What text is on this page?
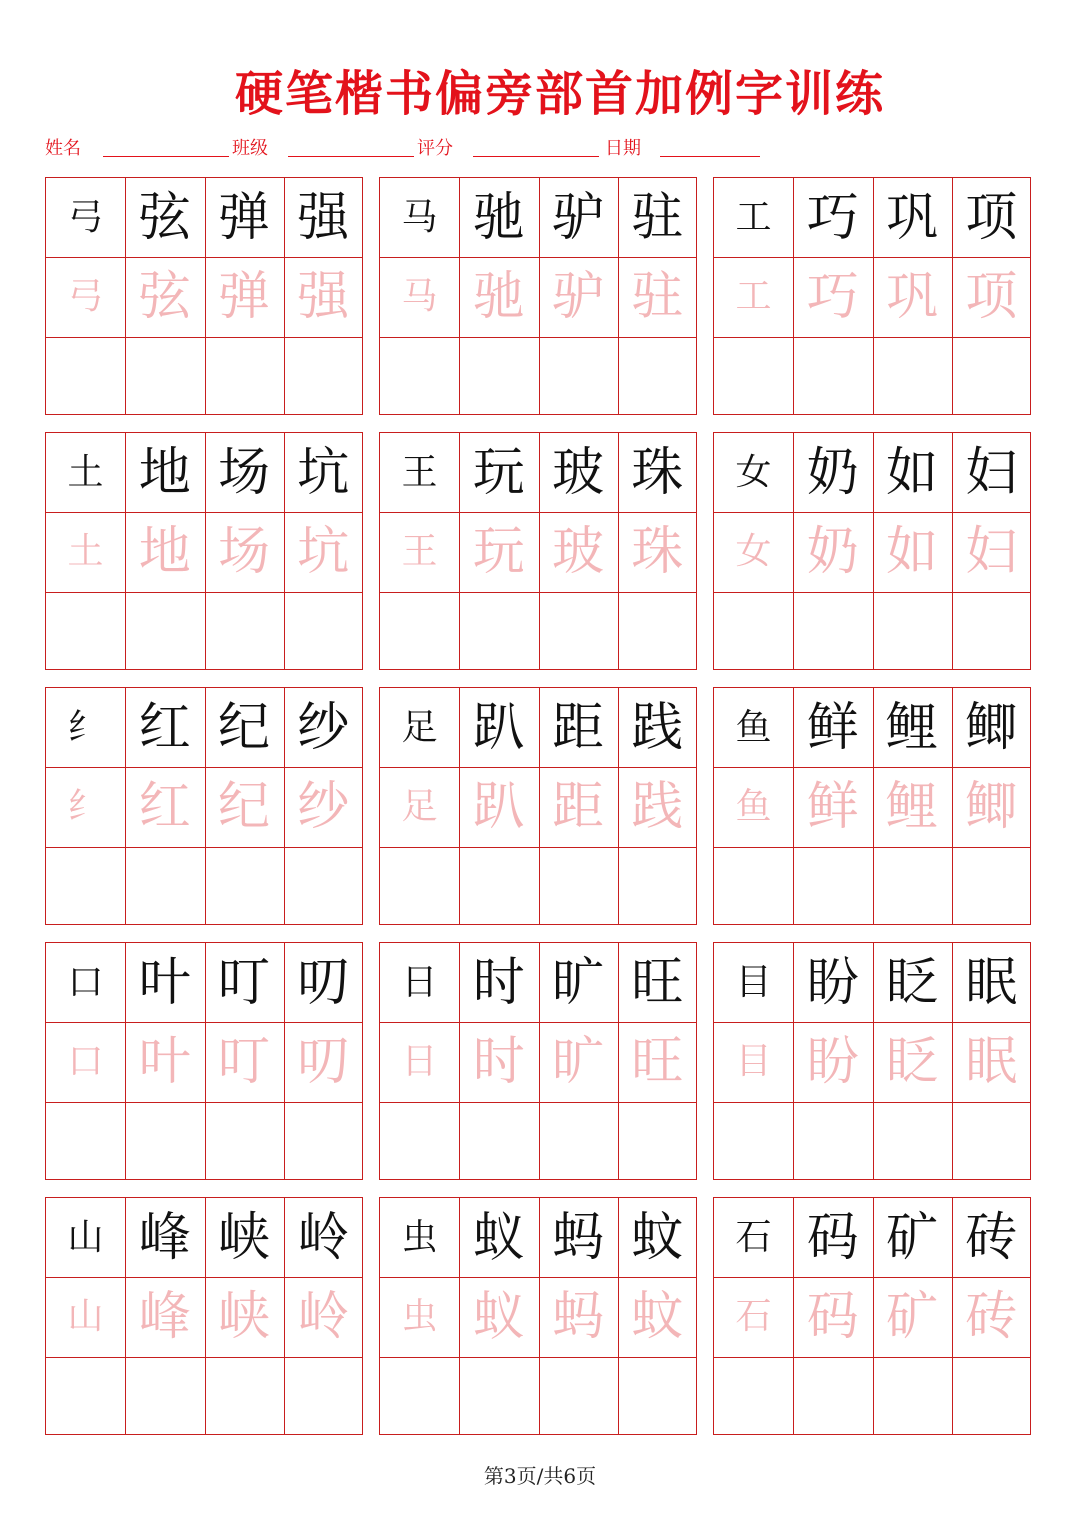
硬笔楷书偏旁部首加例字训练
姓名	班级	评分	日期
弓 弦 弹 强
弓 弦 弹 强
马 驰 驴 驻
马 驰 驴 驻
工 巧 巩 项
工 巧 巩 项
土 地 场 坑
土 地 场 坑
王 玩 玻 珠
王 玩 玻 珠
女 奶 如 妇
女 奶 如 妇
纟 红 纪 纱
纟 红 纪 纱
足 趴 距 践
足 趴 距 践
鱼 鲜 鲤 鲫
鱼 鲜 鲤 鲫
口 叶 叮 叨
口 叶 叮 叨
日 时 旷 旺
日 时 旷 旺
目 盼 眨 眠
目 盼 眨 眠
山 峰 峡 岭
山 峰 峡 岭
虫 蚁 蚂 蚊
虫 蚁 蚂 蚊
石 码 矿 砖
石 码 矿 砖
第3页/共6页
